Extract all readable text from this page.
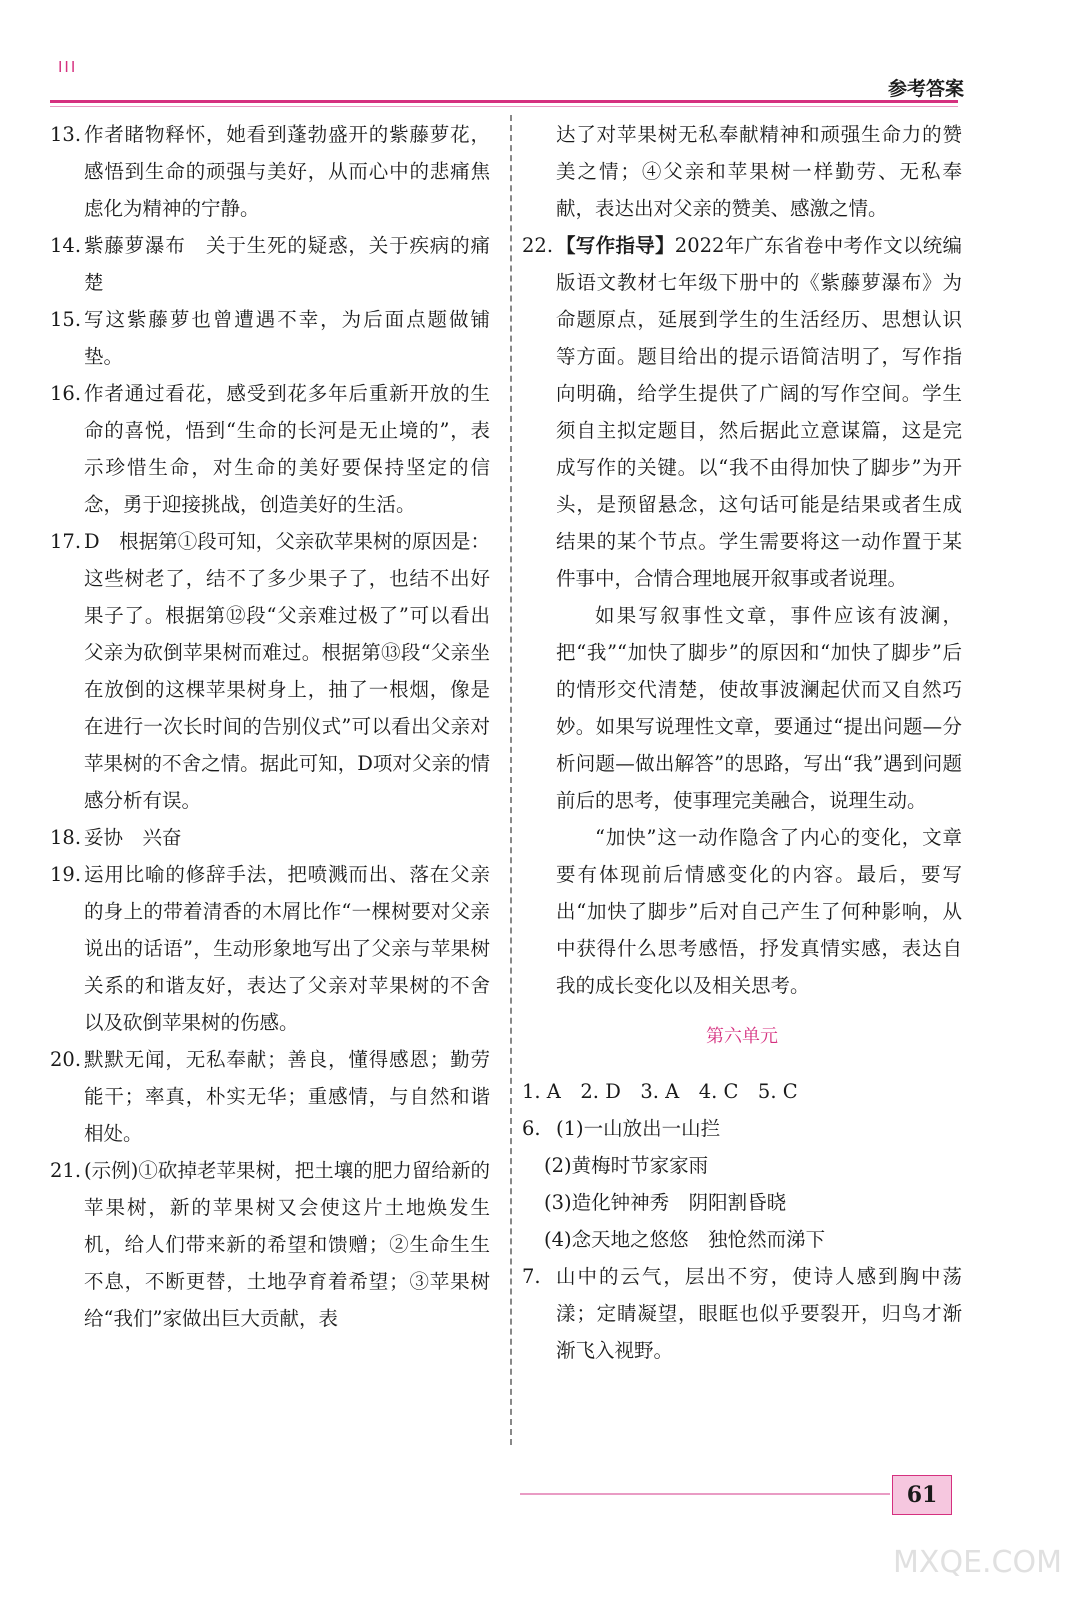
III
参考答案
13. 作者睹物释怀，她看到蓬勃盛开的紫藤萝花，感悟到生命的顽强与美好，从而心中的悲痛焦虑化为精神的宁静。
14. 紫藤萝瀑布　关于生死的疑惑，关于疾病的痛楚
15. 写这紫藤萝也曾遭遇不幸，为后面点题做铺垫。
16. 作者通过看花，感受到花多年后重新开放的生命的喜悦，悟到“生命的长河是无止境的”，表示珍惜生命，对生命的美好要保持坚定的信念，勇于迎接挑战，创造美好的生活。
17. D　根据第①段可知，父亲砍苹果树的原因是：这些树老了，结不了多少果子了，也结不出好果子了。根据第⑫段“父亲难过极了”可以看出父亲为砍倒苹果树而难过。根据第⑬段“父亲坐在放倒的这棵苹果树身上，抽了一根烟，像是在进行一次长时间的告别仪式”可以看出父亲对苹果树的不舍之情。据此可知，D项对父亲的情感分析有误。
18. 妥协　兴奋
19. 运用比喻的修辞手法，把喷溅而出、落在父亲的身上的带着清香的木屑比作“一棵树要对父亲说出的话语”，生动形象地写出了父亲与苹果树关系的和谐友好，表达了父亲对苹果树的不舍以及砍倒苹果树的伤感。
20. 默默无闻，无私奉献；善良，懂得感恩；勤劳能干；率真，朴实无华；重感情，与自然和谐相处。
21. (示例)①砍掉老苹果树，把土壤的肥力留给新的苹果树，新的苹果树又会使这片土地焕发生机，给人们带来新的希望和馈赠；②生命生生不息，不断更替，土地孕育着希望；③苹果树给“我们”家做出巨大贡献，表
达了对苹果树无私奉献精神和顽强生命力的赞美之情；④父亲和苹果树一样勤劳、无私奉献，表达出对父亲的赞美、感激之情。
22. 【写作指导】2022年广东省卷中考作文以统编版语文教材七年级下册中的《紫藤萝瀑布》为命题原点，延展到学生的生活经历、思想认识等方面。题目给出的提示语简洁明了，写作指向明确，给学生提供了广阔的写作空间。学生须自主拟定题目，然后据此立意谋篇，这是完成写作的关键。以“我不由得加快了脚步”为开头，是预留悬念，这句话可能是结果或者生成结果的某个节点。学生需要将这一动作置于某件事中，合情合理地展开叙事或者说理。

如果写叙事性文章，事件应该有波澜，把“我”“加快了脚步”的原因和“加快了脚步”后的情形交代清楚，使故事波澜起伏而又自然巧妙。如果写说理性文章，要通过“提出问题—分析问题—做出解答”的思路，写出“我”遇到问题前后的思考，使事理完美融合，说理生动。

“加快”这一动作隐含了内心的变化，文章要有体现前后情感变化的内容。最后，要写出“加快了脚步”后对自己产生了何种影响，从中获得什么思考感悟，抒发真情实感，表达自我的成长变化以及相关思考。

第六单元
1. A　2. D　3. A　4. C　5. C
6. (1)一山放出一山拦
(2)黄梅时节家家雨
(3)造化钟神秀　阴阳割昏晓
(4)念天地之悠悠　独怆然而涕下
7. 山中的云气，层出不穷，使诗人感到胸中荡漾；定睛凝望，眼眶也似乎要裂开，归鸟才渐渐飞入视野。
61
MXQE.COM
